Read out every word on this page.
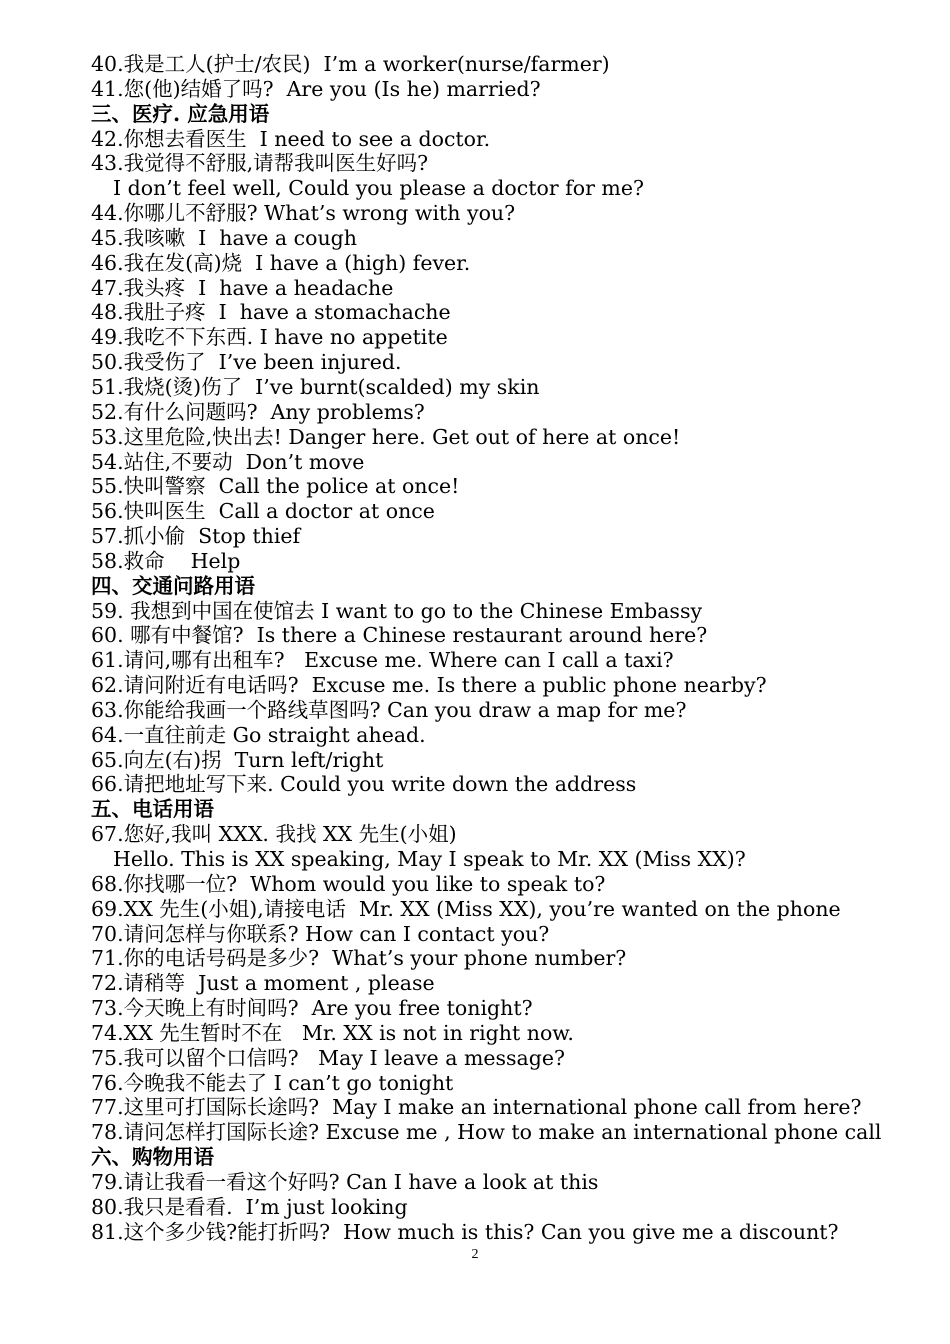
40.我是工人(护士/农民)  I’m a worker(nurse/farmer)
41.您(他)结婚了吗?  Are you (Is he) married?
三、医疗. 应急用语
42.你想去看医生  I need to see a doctor.
43.我觉得不舒服,请帮我叫医生好吗?
I don’t feel well, Could you please a doctor for me?
44.你哪儿不舒服? What’s wrong with you?
45.我咳嗽  I  have a cough
46.我在发(高)烧  I have a (high) fever.
47.我头疼  I  have a headache
48.我肚子疼  I  have a stomachache
49.我吃不下东西. I have no appetite
50.我受伤了  I’ve been injured.
51.我烧(烫)伤了  I’ve burnt(scalded) my skin
52.有什么问题吗?  Any problems?
53.这里危险,快出去! Danger here. Get out of here at once!
54.站住,不要动  Don’t move
55.快叫警察  Call the police at once!
56.快叫医生  Call a doctor at once
57.抓小偷  Stop thief
58.救命    Help
四、交通问路用语
59. 我想到中国在使馆去 I want to go to the Chinese Embassy
60. 哪有中餐馆?  Is there a Chinese restaurant around here?
61.请问,哪有出租车?   Excuse me. Where can I call a taxi?
62.请问附近有电话吗?  Excuse me. Is there a public phone nearby?
63.你能给我画一个路线草图吗? Can you draw a map for me?
64.一直往前走 Go straight ahead.
65.向左(右)拐  Turn left/right
66.请把地址写下来. Could you write down the address
五、电话用语
67.您好,我叫 XXX. 我找 XX 先生(小姐)
Hello. This is XX speaking, May I speak to Mr. XX (Miss XX)?
68.你找哪一位?  Whom would you like to speak to?
69.XX 先生(小姐),请接电话  Mr. XX (Miss XX), you’re wanted on the phone
70.请问怎样与你联系? How can I contact you?
71.你的电话号码是多少?  What’s your phone number?
72.请稍等  Just a moment , please
73.今天晚上有时间吗?  Are you free tonight?
74.XX 先生暂时不在   Mr. XX is not in right now.
75.我可以留个口信吗?   May I leave a message?
76.今晚我不能去了 I can’t go tonight
77.这里可打国际长途吗?  May I make an international phone call from here?
78.请问怎样打国际长途? Excuse me , How to make an international phone call
六、购物用语
79.请让我看一看这个好吗? Can I have a look at this
80.我只是看看.  I’m just looking
81.这个多少钱?能打折吗?  How much is this? Can you give me a discount?
2
